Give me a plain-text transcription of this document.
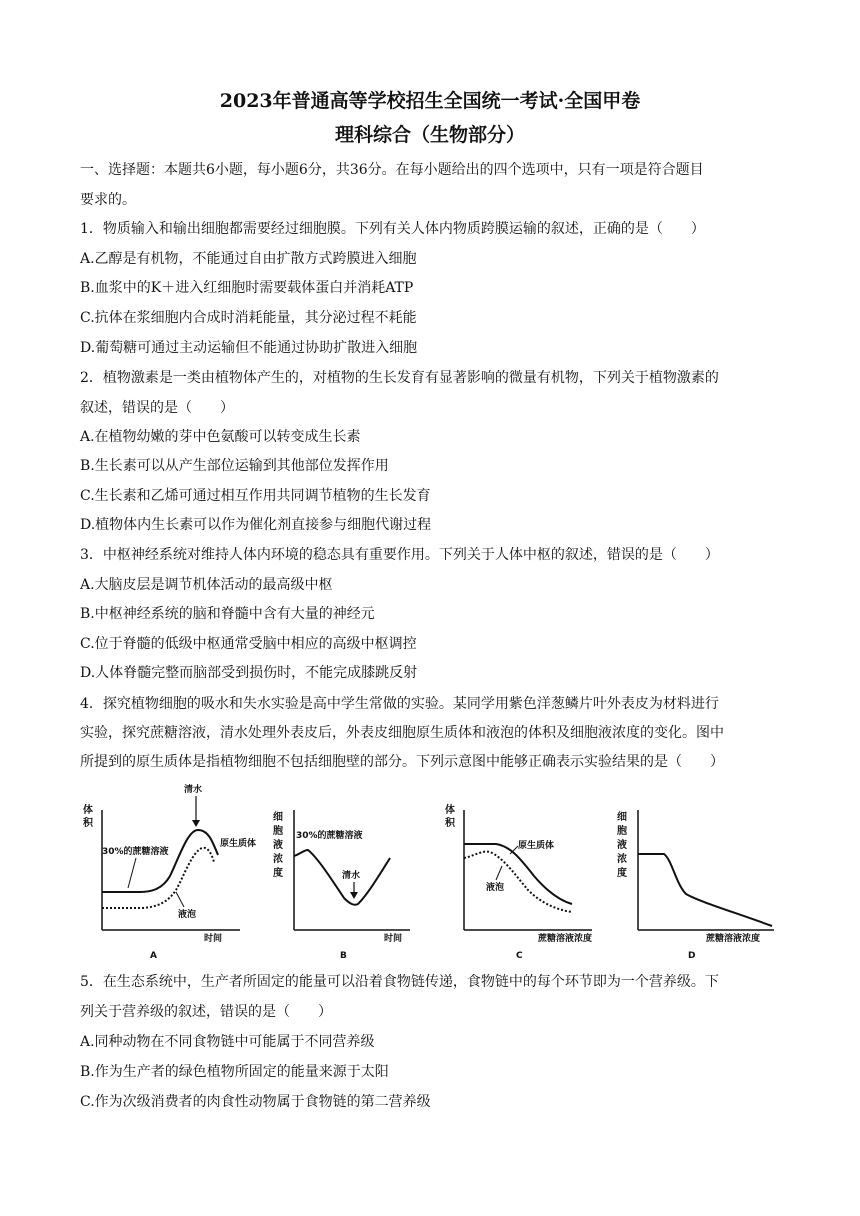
2023年普通高等学校招生全国统一考试·全国甲卷
理科综合（生物部分）
一、选择题：本题共6小题，每小题6分，共36分。在每小题给出的四个选项中，只有一项是符合题目
要求的。
1．物质输入和输出细胞都需要经过细胞膜。下列有关人体内物质跨膜运输的叙述，正确的是（　　）
A.乙醇是有机物，不能通过自由扩散方式跨膜进入细胞
B.血浆中的K＋进入红细胞时需要载体蛋白并消耗ATP
C.抗体在浆细胞内合成时消耗能量，其分泌过程不耗能
D.葡萄糖可通过主动运输但不能通过协助扩散进入细胞
2．植物激素是一类由植物体产生的，对植物的生长发育有显著影响的微量有机物，下列关于植物激素的
叙述，错误的是（　　）
A.在植物幼嫩的芽中色氨酸可以转变成生长素
B.生长素可以从产生部位运输到其他部位发挥作用
C.生长素和乙烯可通过相互作用共同调节植物的生长发育
D.植物体内生长素可以作为催化剂直接参与细胞代谢过程
3．中枢神经系统对维持人体内环境的稳态具有重要作用。下列关于人体中枢的叙述，错误的是（　　）
A.大脑皮层是调节机体活动的最高级中枢
B.中枢神经系统的脑和脊髓中含有大量的神经元
C.位于脊髓的低级中枢通常受脑中相应的高级中枢调控
D.人体脊髓完整而脑部受到损伤时，不能完成膝跳反射
4．探究植物细胞的吸水和失水实验是高中学生常做的实验。某同学用紫色洋葱鳞片叶外表皮为材料进行
实验，探究蔗糖溶液，清水处理外表皮后，外表皮细胞原生质体和液泡的体积及细胞液浓度的变化。图中
所提到的原生质体是指植物细胞不包括细胞壁的部分。下列示意图中能够正确表示实验结果的是（　　）
体
积
清水
30%的蔗糖溶液
原生质体
液泡
时间
A
细
胞
液
浓
度
30%的蔗糖溶液
清水
时间
B
体
积
原生质体
液泡
蔗糖溶液浓度
C
细
胞
液
浓
度
蔗糖溶液浓度
D
5．在生态系统中，生产者所固定的能量可以沿着食物链传递，食物链中的每个环节即为一个营养级。下
列关于营养级的叙述，错误的是（　　）
A.同种动物在不同食物链中可能属于不同营养级
B.作为生产者的绿色植物所固定的能量来源于太阳
C.作为次级消费者的肉食性动物属于食物链的第二营养级
